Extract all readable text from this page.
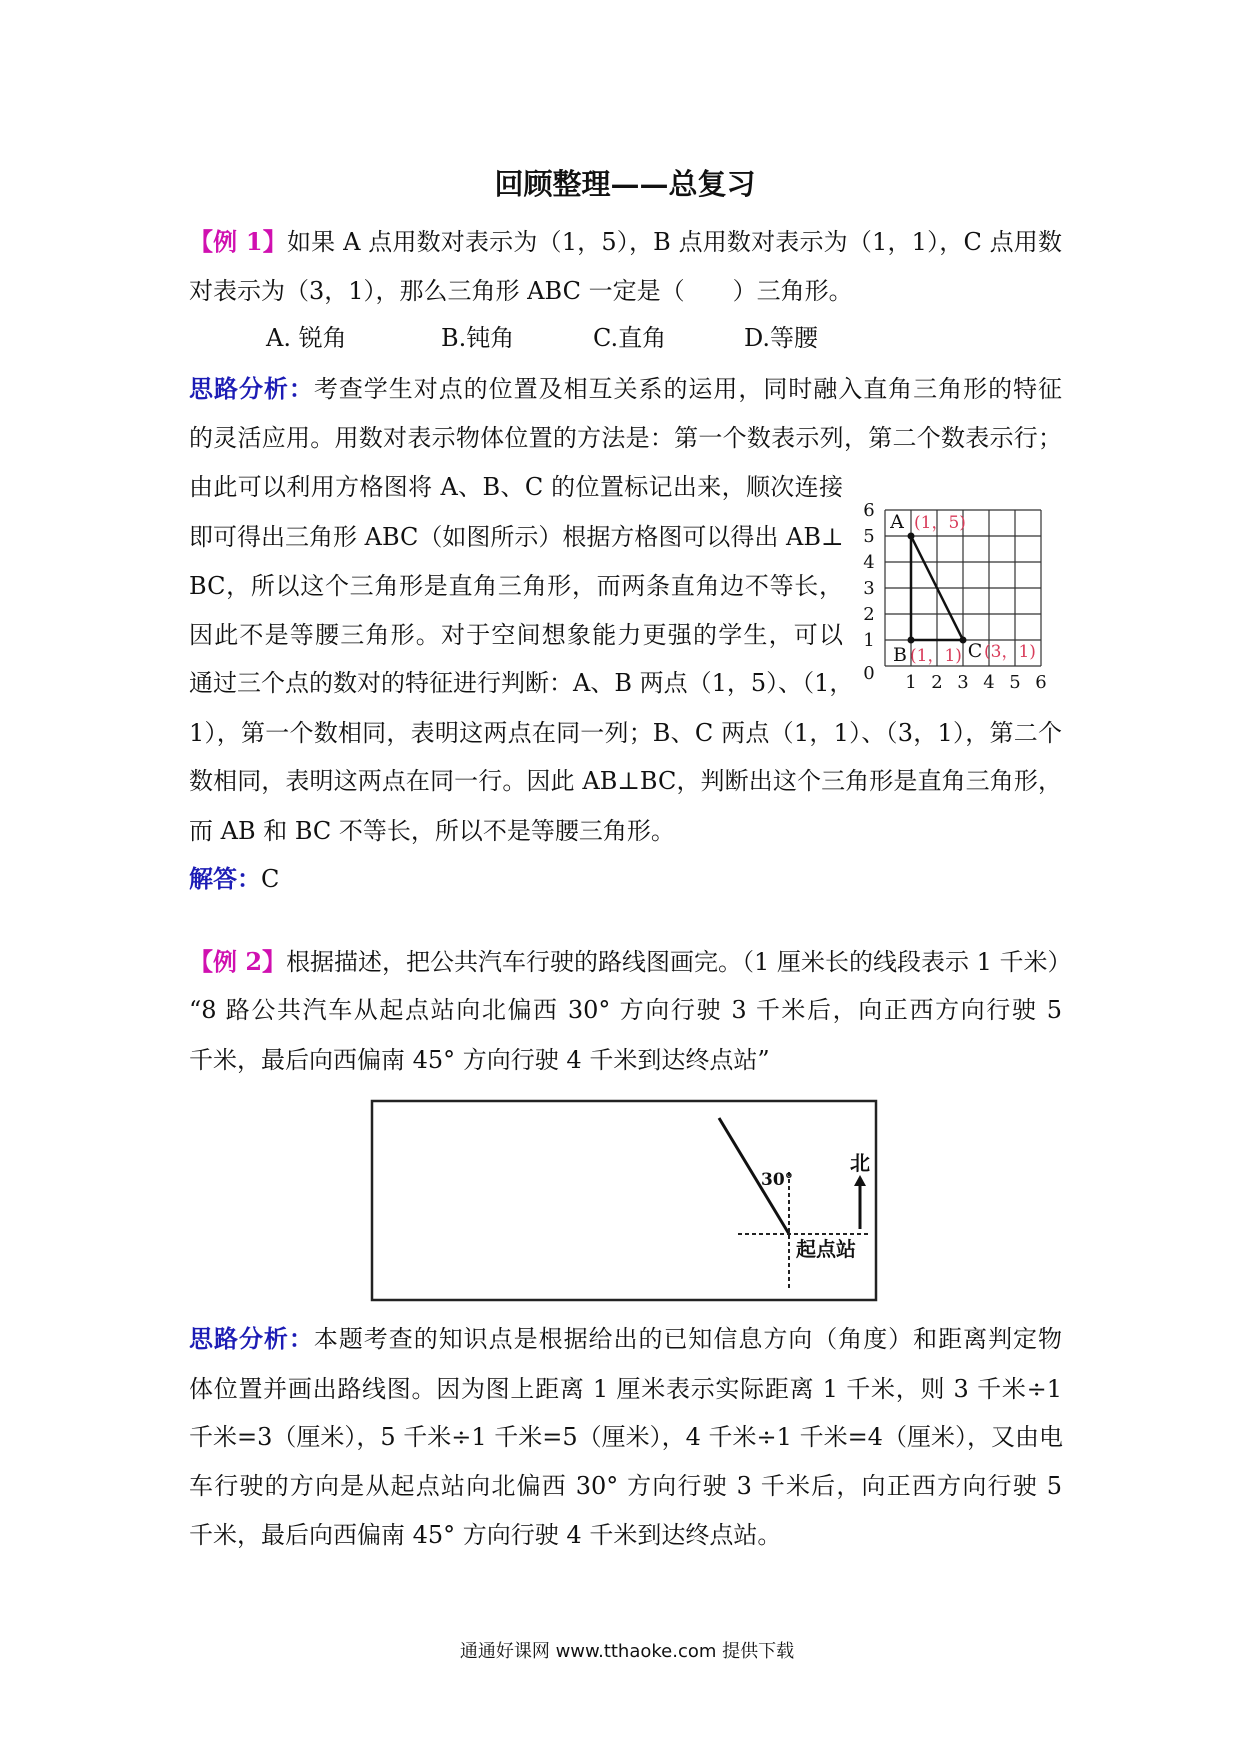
回顾整理——总复习
【例 1】如果 A 点用数对表示为（1，5），B 点用数对表示为（1，1），C 点用数
对表示为（3，1），那么三角形 ABC 一定是（　　）三角形。
A. 锐角	B.钝角	C.直角	D.等腰
思路分析：考查学生对点的位置及相互关系的运用，同时融入直角三角形的特征
的灵活应用。用数对表示物体位置的方法是：第一个数表示列，第二个数表示行；
由此可以利用方格图将 A、B、C 的位置标记出来，顺次连接
即可得出三角形 ABC（如图所示）根据方格图可以得出 AB⊥
BC，所以这个三角形是直角三角形，而两条直角边不等长，
因此不是等腰三角形。对于空间想象能力更强的学生，可以
通过三个点的数对的特征进行判断：A、B 两点（1，5）、（1，
1），第一个数相同，表明这两点在同一列；B、C 两点（1，1）、（3，1），第二个
数相同，表明这两点在同一行。因此 AB⊥BC，判断出这个三角形是直角三角形，
而 AB 和 BC 不等长，所以不是等腰三角形。
解答：C
6
5
4
3
2
1
0 1 2 3 4 5 6
A (1，5)
B (1，1) C (3，1)
【例 2】根据描述，把公共汽车行驶的路线图画完。（1 厘米长的线段表示 1 千米）
“8 路公共汽车从起点站向北偏西 30° 方向行驶 3 千米后，向正西方向行驶 5
千米，最后向西偏南 45° 方向行驶 4 千米到达终点站”
30°
起点站
北
思路分析：本题考查的知识点是根据给出的已知信息方向（角度）和距离判定物
体位置并画出路线图。因为图上距离 1 厘米表示实际距离 1 千米，则 3 千米÷1
千米=3（厘米），5 千米÷1 千米=5（厘米），4 千米÷1 千米=4（厘米），又由电
车行驶的方向是从起点站向北偏西 30° 方向行驶 3 千米后，向正西方向行驶 5
千米，最后向西偏南 45° 方向行驶 4 千米到达终点站。
通通好课网 www.tthaoke.com 提供下载
